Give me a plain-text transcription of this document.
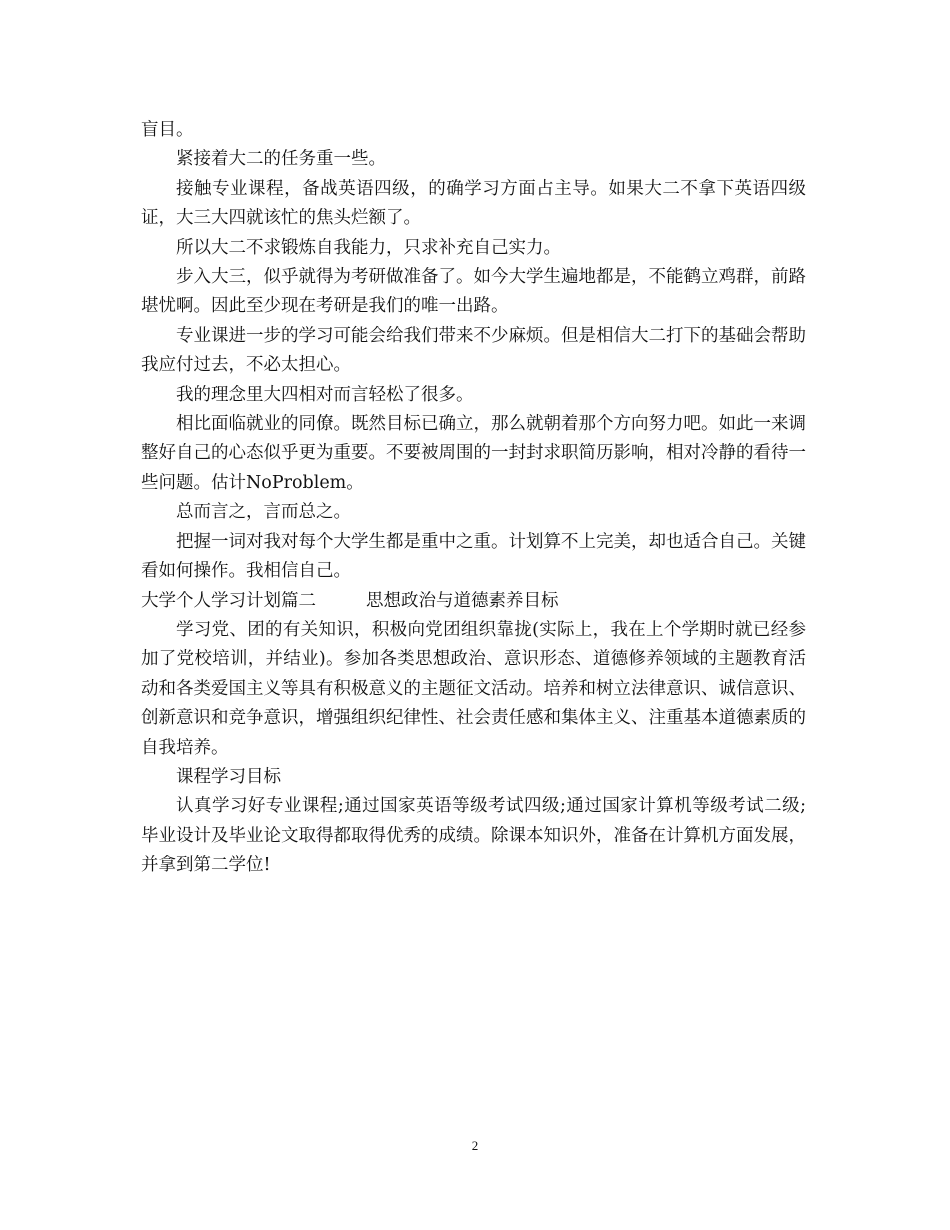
盲目。

紧接着大二的任务重一些。

接触专业课程，备战英语四级，的确学习方面占主导。如果大二不拿下英语四级证，大三大四就该忙的焦头烂额了。

所以大二不求锻炼自我能力，只求补充自己实力。

步入大三，似乎就得为考研做准备了。如今大学生遍地都是，不能鹤立鸡群，前路堪忧啊。因此至少现在考研是我们的唯一出路。

专业课进一步的学习可能会给我们带来不少麻烦。但是相信大二打下的基础会帮助我应付过去，不必太担心。

我的理念里大四相对而言轻松了很多。

相比面临就业的同僚。既然目标已确立，那么就朝着那个方向努力吧。如此一来调整好自己的心态似乎更为重要。不要被周围的一封封求职简历影响，相对冷静的看待一些问题。估计NoProblem。

总而言之，言而总之。

把握一词对我对每个大学生都是重中之重。计划算不上完美，却也适合自己。关键看如何操作。我相信自己。

大学个人学习计划篇二	思想政治与道德素养目标

学习党、团的有关知识，积极向党团组织靠拢(实际上，我在上个学期时就已经参加了党校培训，并结业)。参加各类思想政治、意识形态、道德修养领域的主题教育活动和各类爱国主义等具有积极意义的主题征文活动。培养和树立法律意识、诚信意识、创新意识和竞争意识，增强组织纪律性、社会责任感和集体主义、注重基本道德素质的自我培养。

课程学习目标

认真学习好专业课程;通过国家英语等级考试四级;通过国家计算机等级考试二级;毕业设计及毕业论文取得都取得优秀的成绩。除课本知识外，准备在计算机方面发展，并拿到第二学位!

2
